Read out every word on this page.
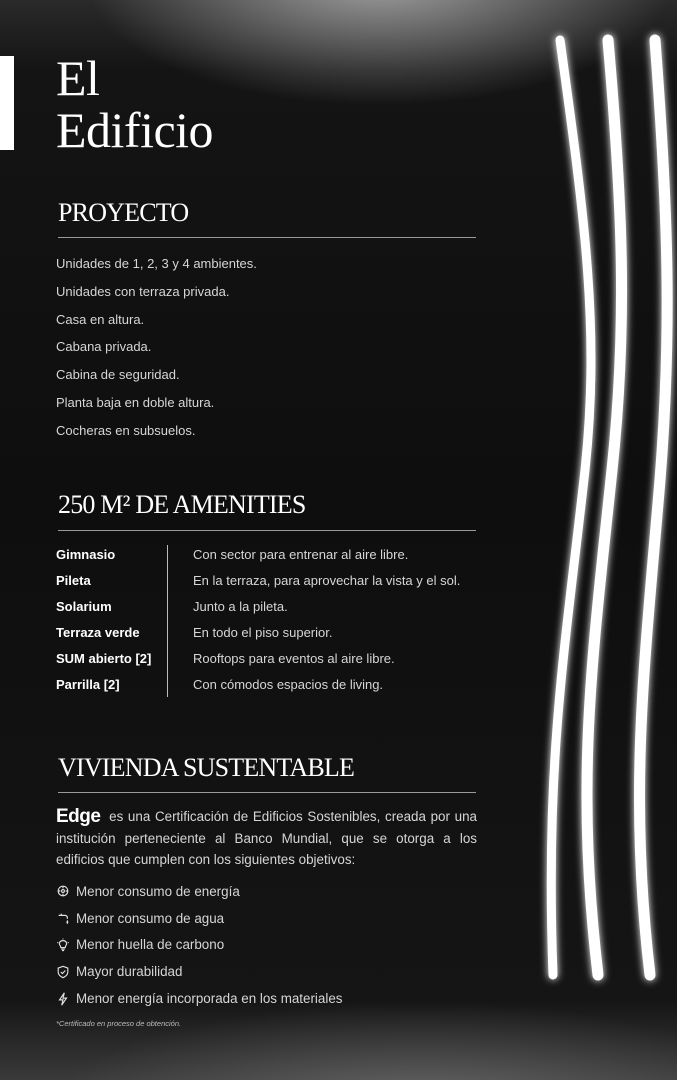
El
Edificio
PROYECTO
Unidades de 1, 2, 3 y 4 ambientes.
Unidades con terraza privada.
Casa en altura.
Cabana privada.
Cabina de seguridad.
Planta baja en doble altura.
Cocheras en subsuelos.
250 M² DE AMENITIES
Gimnasio	Con sector para entrenar al aire libre.
Pileta	En la terraza, para aprovechar la vista y el sol.
Solarium	Junto a la pileta.
Terraza verde	En todo el piso superior.
SUM abierto [2]	Rooftops para eventos al aire libre.
Parrilla [2]	Con cómodos espacios de living.
VIVIENDA SUSTENTABLE

Edge es una Certificación de Edificios Sostenibles, creada por una institución perteneciente al Banco Mundial, que se otorga a los edificios que cumplen con los siguientes objetivos:

Menor consumo de energía
Menor consumo de agua
Menor huella de carbono
Mayor durabilidad
Menor energía incorporada en los materiales

*Certificado en proceso de obtención.
